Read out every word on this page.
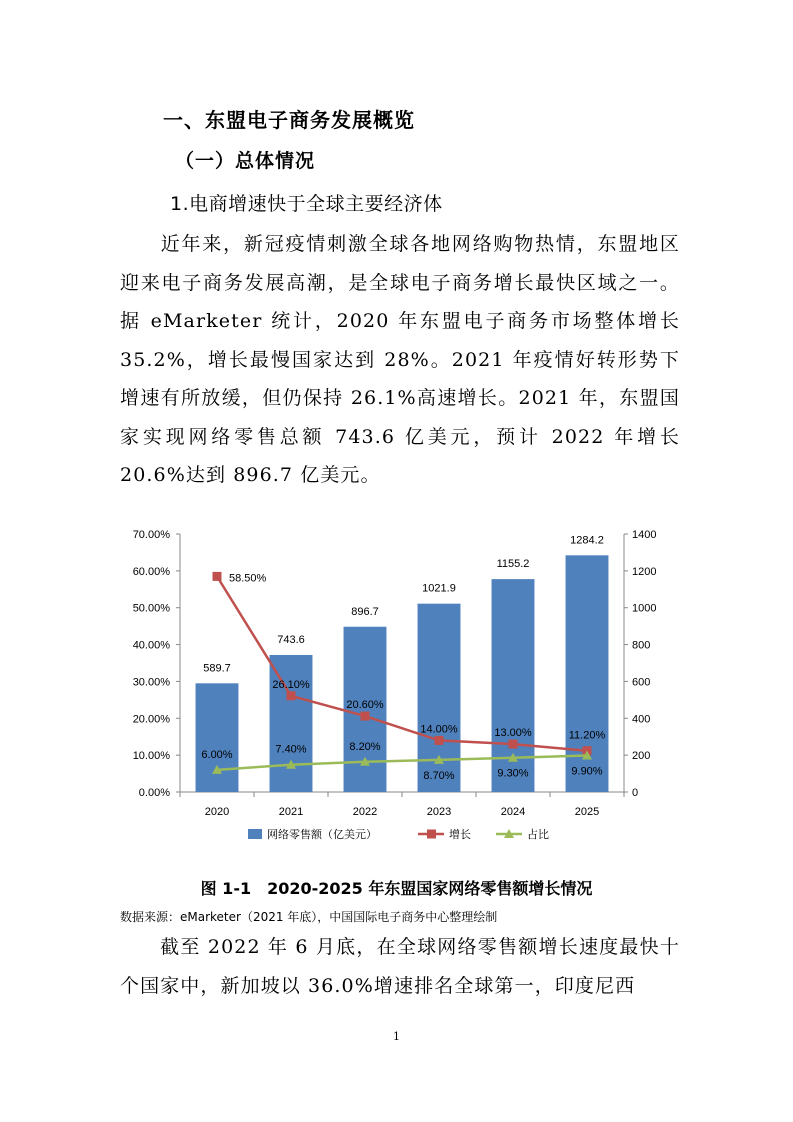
一、东盟电子商务发展概览
（一）总体情况
1.电商增速快于全球主要经济体
近年来，新冠疫情刺激全球各地网络购物热情，东盟地区迎来电子商务发展高潮，是全球电子商务增长最快区域之一。据 eMarketer 统计，2020 年东盟电子商务市场整体增长 35.2%，增长最慢国家达到 28%。2021 年疫情好转形势下增速有所放缓，但仍保持 26.1%高速增长。2021 年，东盟国家实现网络零售总额 743.6 亿美元，预计 2022 年增长 20.6%达到 896.7 亿美元。
0.00%
10.00%
20.00%
30.00%
40.00%
50.00%
60.00%
70.00%
0
200
400
600
800
1000
1200
1400
2020	2021	2022	2023	2024	2025
589.7
743.6
896.7
1021.9
1155.2
1284.2
58.50%
26.10%
20.60%
14.00%	13.00%	11.20%
6.00%	7.40%	8.20%
8.70%	9.30%	9.90%
网络零售额（亿美元）	增长	占比
图 1-1　2020-2025 年东盟国家网络零售额增长情况
数据来源：eMarketer（2021 年底），中国国际电子商务中心整理绘制
截至 2022 年 6 月底，在全球网络零售额增长速度最快十个国家中，新加坡以 36.0%增速排名全球第一，印度尼西
1
